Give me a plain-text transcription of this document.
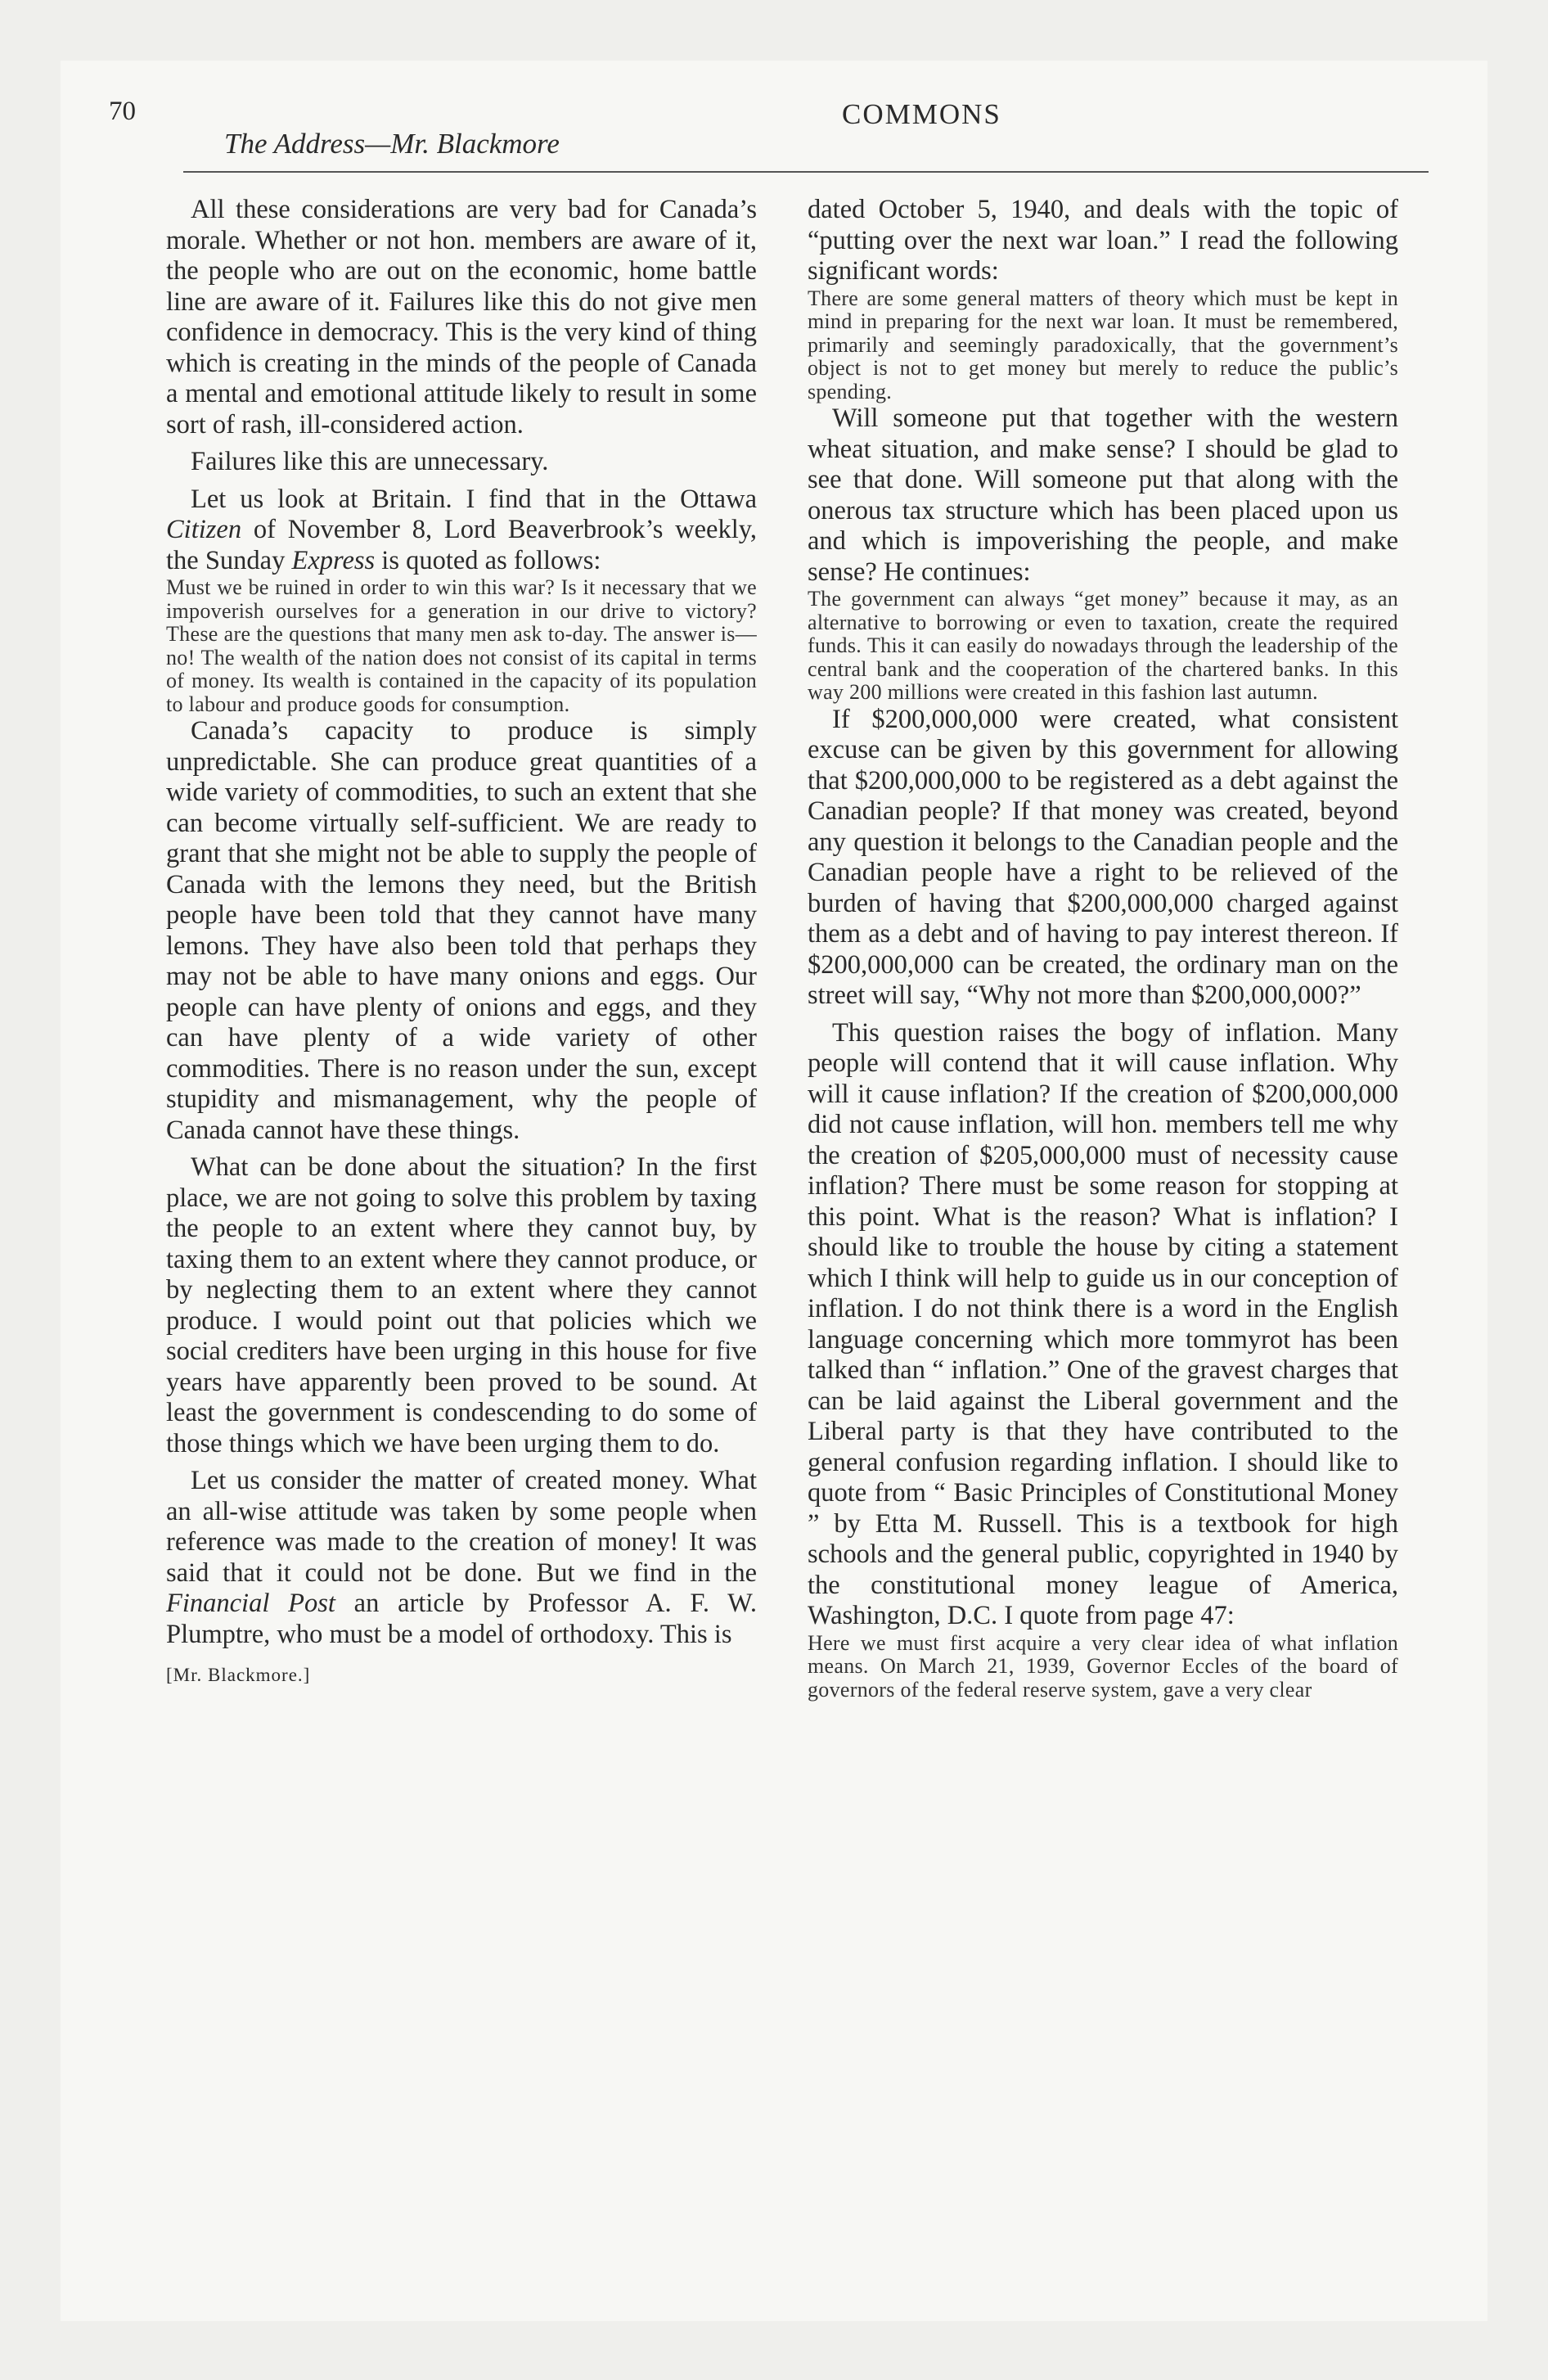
70	COMMONS
The Address—Mr. Blackmore

All these considerations are very bad for Canada’s morale. Whether or not hon. members are aware of it, the people who are out on the economic, home battle line are aware of it. Failures like this do not give men confidence in democracy. This is the very kind of thing which is creating in the minds of the people of Canada a mental and emotional attitude likely to result in some sort of rash, ill-considered action.

Failures like this are unnecessary.

Let us look at Britain. I find that in the Ottawa Citizen of November 8, Lord Beaverbrook’s weekly, the Sunday Express is quoted as follows:

Must we be ruined in order to win this war? Is it necessary that we impoverish ourselves for a generation in our drive to victory? These are the questions that many men ask to-day. The answer is—no! The wealth of the nation does not consist of its capital in terms of money. Its wealth is contained in the capacity of its population to labour and produce goods for consumption.

Canada’s capacity to produce is simply unpredictable. She can produce great quantities of a wide variety of commodities, to such an extent that she can become virtually self-sufficient. We are ready to grant that she might not be able to supply the people of Canada with the lemons they need, but the British people have been told that they cannot have many lemons. They have also been told that perhaps they may not be able to have many onions and eggs. Our people can have plenty of onions and eggs, and they can have plenty of a wide variety of other commodities. There is no reason under the sun, except stupidity and mismanagement, why the people of Canada cannot have these things.

What can be done about the situation? In the first place, we are not going to solve this problem by taxing the people to an extent where they cannot buy, by taxing them to an extent where they cannot produce, or by neglecting them to an extent where they cannot produce. I would point out that policies which we social crediters have been urging in this house for five years have apparently been proved to be sound. At least the government is condescending to do some of those things which we have been urging them to do.

Let us consider the matter of created money. What an all-wise attitude was taken by some people when reference was made to the creation of money! It was said that it could not be done. But we find in the Financial Post an article by Professor A. F. W. Plumptre, who must be a model of orthodoxy. This is

[Mr. Blackmore.]

dated October 5, 1940, and deals with the topic of “putting over the next war loan.” I read the following significant words:

There are some general matters of theory which must be kept in mind in preparing for the next war loan. It must be remembered, primarily and seemingly paradoxically, that the government’s object is not to get money but merely to reduce the public’s spending.

Will someone put that together with the western wheat situation, and make sense? I should be glad to see that done. Will someone put that along with the onerous tax structure which has been placed upon us and which is impoverishing the people, and make sense? He continues:

The government can always “get money” because it may, as an alternative to borrowing or even to taxation, create the required funds. This it can easily do nowadays through the leadership of the central bank and the cooperation of the chartered banks. In this way 200 millions were created in this fashion last autumn.

If $200,000,000 were created, what consistent excuse can be given by this government for allowing that $200,000,000 to be registered as a debt against the Canadian people? If that money was created, beyond any question it belongs to the Canadian people and the Canadian people have a right to be relieved of the burden of having that $200,000,000 charged against them as a debt and of having to pay interest thereon. If $200,000,000 can be created, the ordinary man on the street will say, “Why not more than $200,000,000?”

This question raises the bogy of inflation. Many people will contend that it will cause inflation. Why will it cause inflation? If the creation of $200,000,000 did not cause inflation, will hon. members tell me why the creation of $205,000,000 must of necessity cause inflation? There must be some reason for stopping at this point. What is the reason? What is inflation? I should like to trouble the house by citing a statement which I think will help to guide us in our conception of inflation. I do not think there is a word in the English language concerning which more tommyrot has been talked than “ inflation.” One of the gravest charges that can be laid against the Liberal government and the Liberal party is that they have contributed to the general confusion regarding inflation. I should like to quote from “ Basic Principles of Constitutional Money ” by Etta M. Russell. This is a textbook for high schools and the general public, copyrighted in 1940 by the constitutional money league of America, Washington, D.C. I quote from page 47:

Here we must first acquire a very clear idea of what inflation means. On March 21, 1939, Governor Eccles of the board of governors of the federal reserve system, gave a very clear
